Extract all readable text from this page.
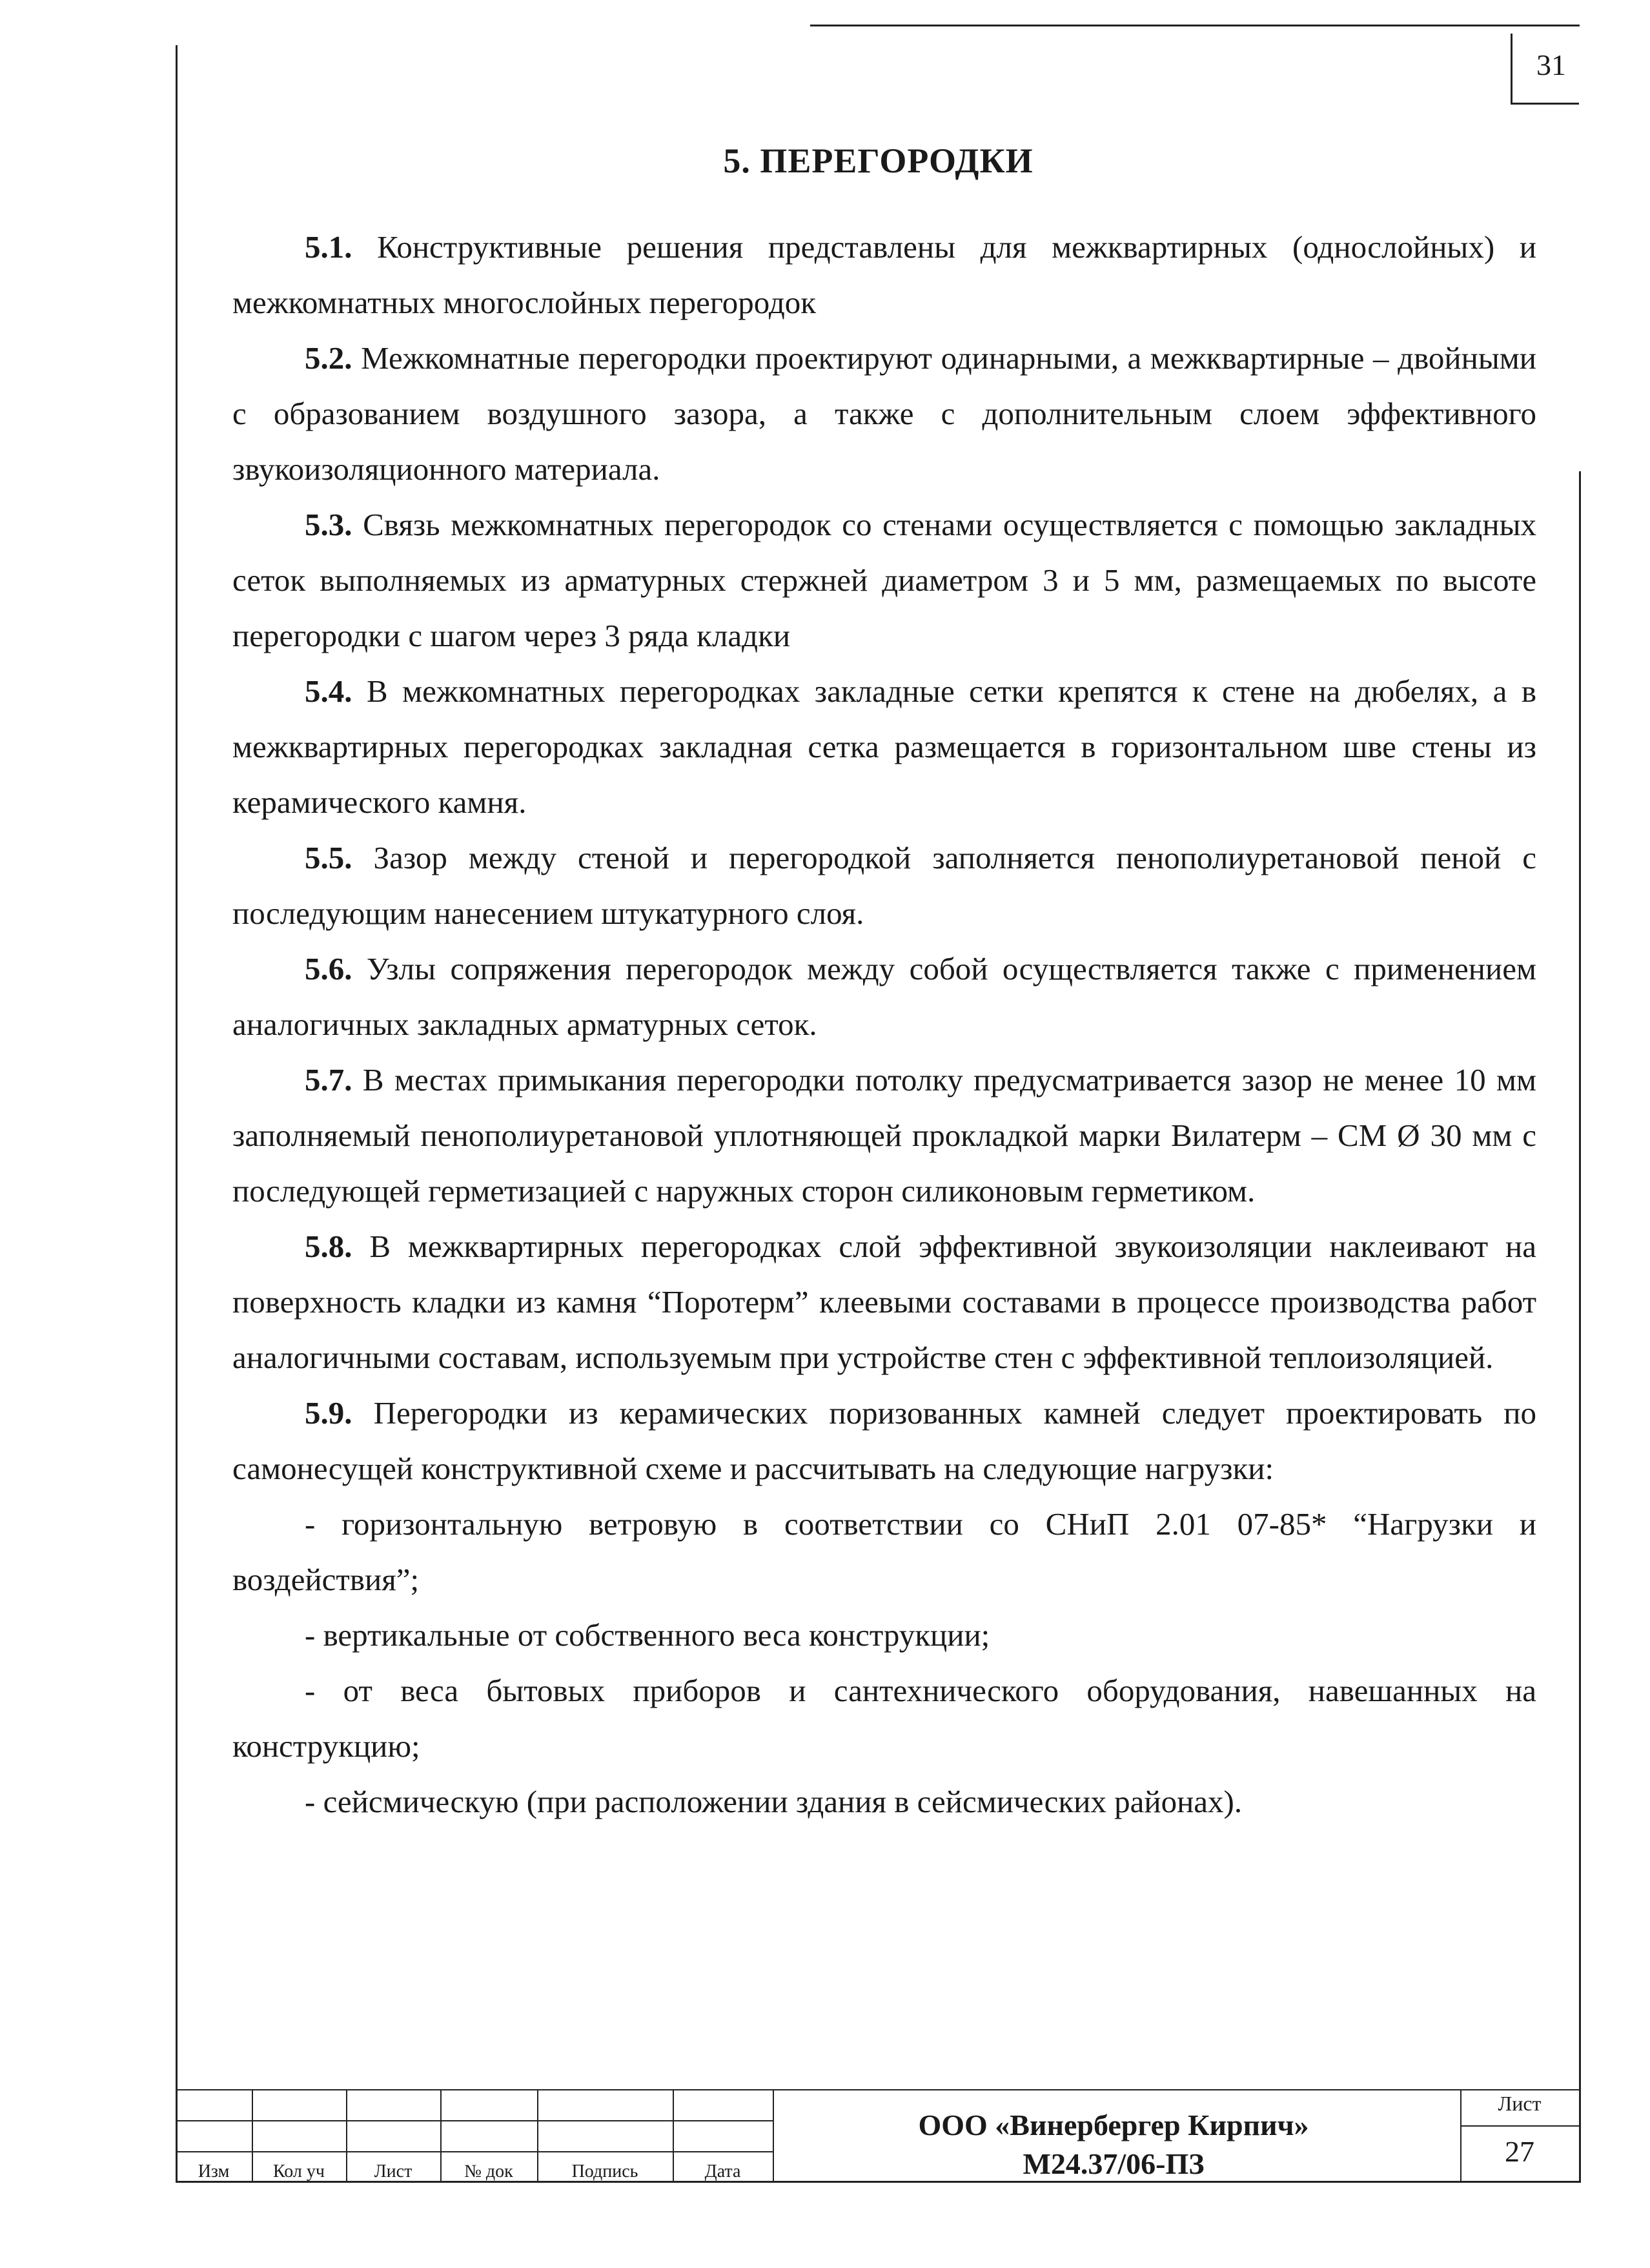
31
5. ПЕРЕГОРОДКИ

5.1. Конструктивные решения представлены для межквартирных (однослойных) и межкомнатных многослойных перегородок

5.2. Межкомнатные перегородки проектируют одинарными, а межквартирные – двойными с образованием воздушного зазора, а также с дополнительным слоем эффективного звукоизоляционного материала.

5.3. Связь межкомнатных перегородок со стенами осуществляется с помощью закладных сеток выполняемых из арматурных стержней диаметром 3 и 5 мм, размещаемых по высоте перегородки с шагом через 3 ряда кладки

5.4. В межкомнатных перегородках закладные сетки крепятся к стене на дюбелях, а в межквартирных перегородках закладная сетка размещается в горизонтальном шве стены из керамического камня.

5.5. Зазор между стеной и перегородкой заполняется пенополиуретановой пеной с последующим нанесением штукатурного слоя.

5.6. Узлы сопряжения перегородок между собой осуществляется также с применением аналогичных закладных арматурных сеток.

5.7. В местах примыкания перегородки потолку предусматривается зазор не менее 10 мм заполняемый пенополиуретановой уплотняющей прокладкой марки Вилатерм – СМ Ø 30 мм с последующей герметизацией с наружных сторон силиконовым герметиком.

5.8. В межквартирных перегородках слой эффективной звукоизоляции наклеивают на поверхность кладки из камня “Поротерм” клеевыми составами в процессе производства работ аналогичными составам, используемым при устройстве стен с эффективной теплоизоляцией.

5.9. Перегородки из керамических поризованных камней следует проектировать по самонесущей конструктивной схеме и рассчитывать на следующие нагрузки:

- горизонтальную ветровую в соответствии со СНиП 2.01 07-85* “Нагрузки и воздействия”;

- вертикальные от собственного веса конструкции;

- от веса бытовых приборов и сантехнического оборудования, навешанных на конструкцию;

- сейсмическую (при расположении здания в сейсмических районах).

Изм	Кол уч	Лист	№ док	Подпись	Дата
ООО «Винербергер Кирпич»
М24.37/06-ПЗ
Лист
27
